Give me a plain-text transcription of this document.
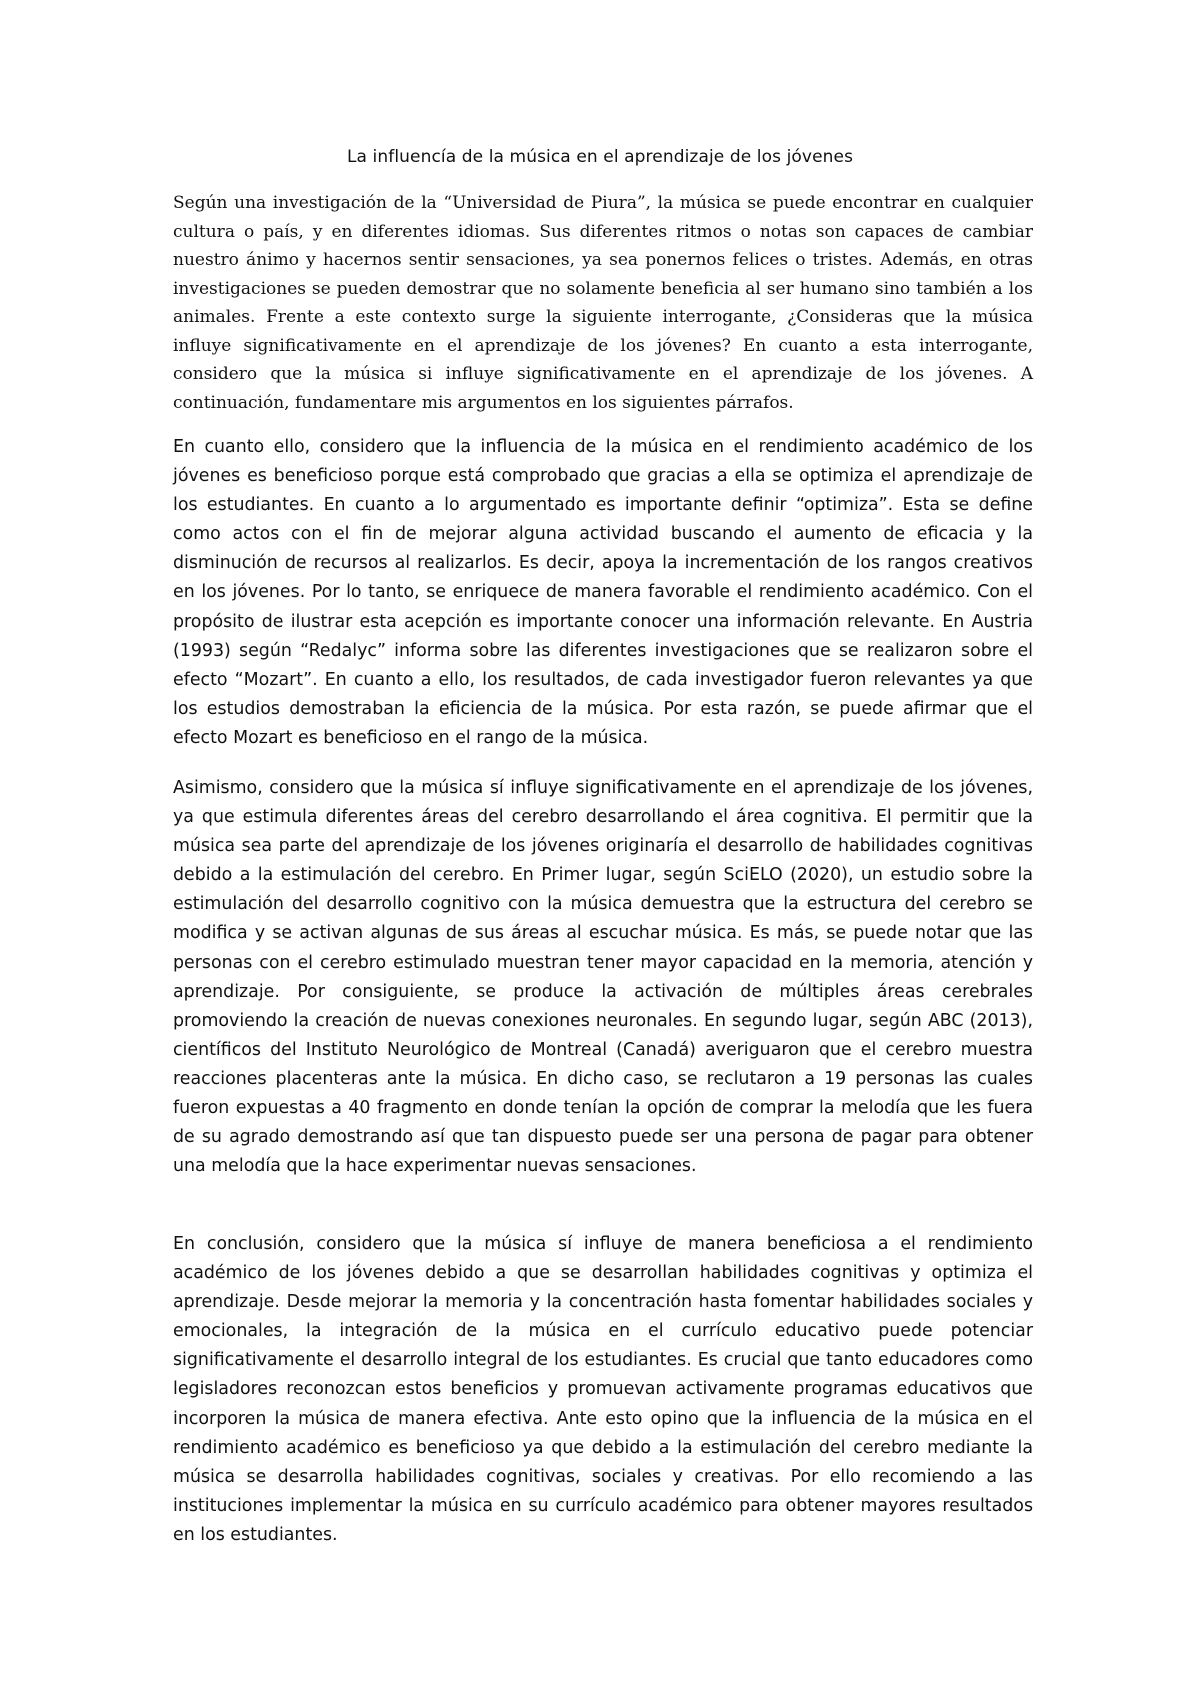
La influencía de la música en el aprendizaje de los jóvenes

Según una investigación de la “Universidad de Piura”, la música se puede encontrar en cualquier cultura o país, y en diferentes idiomas. Sus diferentes ritmos o notas son capaces de cambiar nuestro ánimo y hacernos sentir sensaciones, ya sea ponernos felices o tristes. Además, en otras investigaciones se pueden demostrar que no solamente beneficia al ser humano sino también a los animales. Frente a este contexto surge la siguiente interrogante, ¿Consideras que la música influye significativamente en el aprendizaje de los jóvenes? En cuanto a esta interrogante, considero que la música si influye significativamente en el aprendizaje de los jóvenes. A continuación, fundamentare mis argumentos en los siguientes párrafos.

En cuanto ello, considero que la influencia de la música en el rendimiento académico de los jóvenes es beneficioso porque está comprobado que gracias a ella se optimiza el aprendizaje de los estudiantes. En cuanto a lo argumentado es importante definir “optimiza”. Esta se define como actos con el fin de mejorar alguna actividad buscando el aumento de eficacia y la disminución de recursos al realizarlos. Es decir, apoya la incrementación de los rangos creativos en los jóvenes. Por lo tanto, se enriquece de manera favorable el rendimiento académico. Con el propósito de ilustrar esta acepción es importante conocer una información relevante. En Austria (1993) según “Redalyc” informa sobre las diferentes investigaciones que se realizaron sobre el efecto “Mozart”. En cuanto a ello, los resultados, de cada investigador fueron relevantes ya que los estudios demostraban la eficiencia de la música. Por esta razón, se puede afirmar que el efecto Mozart es beneficioso en el rango de la música.

Asimismo, considero que la música sí influye significativamente en el aprendizaje de los jóvenes, ya que estimula diferentes áreas del cerebro desarrollando el área cognitiva. El permitir que la música sea parte del aprendizaje de los jóvenes originaría el desarrollo de habilidades cognitivas debido a la estimulación del cerebro. En Primer lugar, según SciELO (2020), un estudio sobre la estimulación del desarrollo cognitivo con la música demuestra que la estructura del cerebro se modifica y se activan algunas de sus áreas al escuchar música. Es más, se puede notar que las personas con el cerebro estimulado muestran tener mayor capacidad en la memoria, atención y aprendizaje. Por consiguiente, se produce la activación de múltiples áreas cerebrales promoviendo la creación de nuevas conexiones neuronales. En segundo lugar, según ABC (2013), científicos del Instituto Neurológico de Montreal (Canadá) averiguaron que el cerebro muestra reacciones placenteras ante la música. En dicho caso, se reclutaron a 19 personas las cuales fueron expuestas a 40 fragmento en donde tenían la opción de comprar la melodía que les fuera de su agrado demostrando así que tan dispuesto puede ser una persona de pagar para obtener una melodía que la hace experimentar nuevas sensaciones.

En conclusión, considero que la música sí influye de manera beneficiosa a el rendimiento académico de los jóvenes debido a que se desarrollan habilidades cognitivas y optimiza el aprendizaje. Desde mejorar la memoria y la concentración hasta fomentar habilidades sociales y emocionales, la integración de la música en el currículo educativo puede potenciar significativamente el desarrollo integral de los estudiantes. Es crucial que tanto educadores como legisladores reconozcan estos beneficios y promuevan activamente programas educativos que incorporen la música de manera efectiva. Ante esto opino que la influencia de la música en el rendimiento académico es beneficioso ya que debido a la estimulación del cerebro mediante la música se desarrolla habilidades cognitivas, sociales y creativas. Por ello recomiendo a las instituciones implementar la música en su currículo académico para obtener mayores resultados en los estudiantes.
